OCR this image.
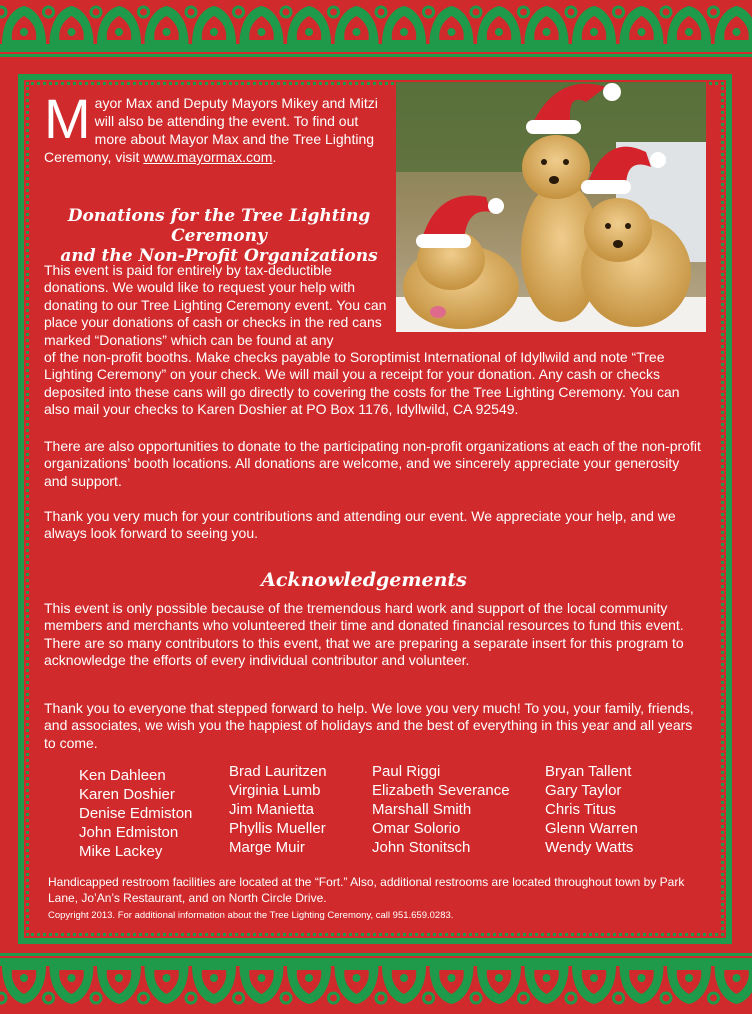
Mayor Max and Deputy Mayors Mikey and Mitzi will also be attending the event. To find out more about Mayor Max and the Tree Lighting Ceremony, visit www.mayormax.com.
Donations for the Tree Lighting Ceremony
and the Non-Profit Organizations
This event is paid for entirely by tax-deductible donations. We would like to request your help with donating to our Tree Lighting Ceremony event. You can place your donations of cash or checks in the red cans marked “Donations” which can be found at any
of the non-profit booths. Make checks payable to Soroptimist International of Idyllwild and note “Tree Lighting Ceremony” on your check. We will mail you a receipt for your donation. Any cash or checks deposited into these cans will go directly to covering the costs for the Tree Lighting Ceremony. You can also mail your checks to Karen Doshier at PO Box 1176, Idyllwild, CA 92549.
There are also opportunities to donate to the participating non-profit organizations at each of the non-profit organizations’ booth locations. All donations are welcome, and we sincerely appreciate your generosity and support.
Thank you very much for your contributions and attending our event. We appreciate your help, and we always look forward to seeing you.
Acknowledgements
This event is only possible because of the tremendous hard work and support of the local community members and merchants who volunteered their time and donated financial resources to fund this event. There are so many contributors to this event, that we are preparing a separate insert for this program to acknowledge the efforts of every individual contributor and volunteer.
Thank you to everyone that stepped forward to help. We love you very much! To you, your family, friends, and associates, we wish you the happiest of holidays and the best of everything in this year and all years to come.
Ken Dahleen
Karen Doshier
Denise Edmiston
John Edmiston
Mike Lackey
Brad Lauritzen
Virginia Lumb
Jim Manietta
Phyllis Mueller
Marge Muir
Paul Riggi
Elizabeth Severance
Marshall Smith
Omar Solorio
John Stonitsch
Bryan Tallent
Gary Taylor
Chris Titus
Glenn Warren
Wendy Watts
Handicapped restroom facilities are located at the “Fort.” Also, additional restrooms are located throughout town by Park Lane, Jo’An’s Restaurant, and on North Circle Drive.
Copyright 2013. For additional information about the Tree Lighting Ceremony, call 951.659.0283.
